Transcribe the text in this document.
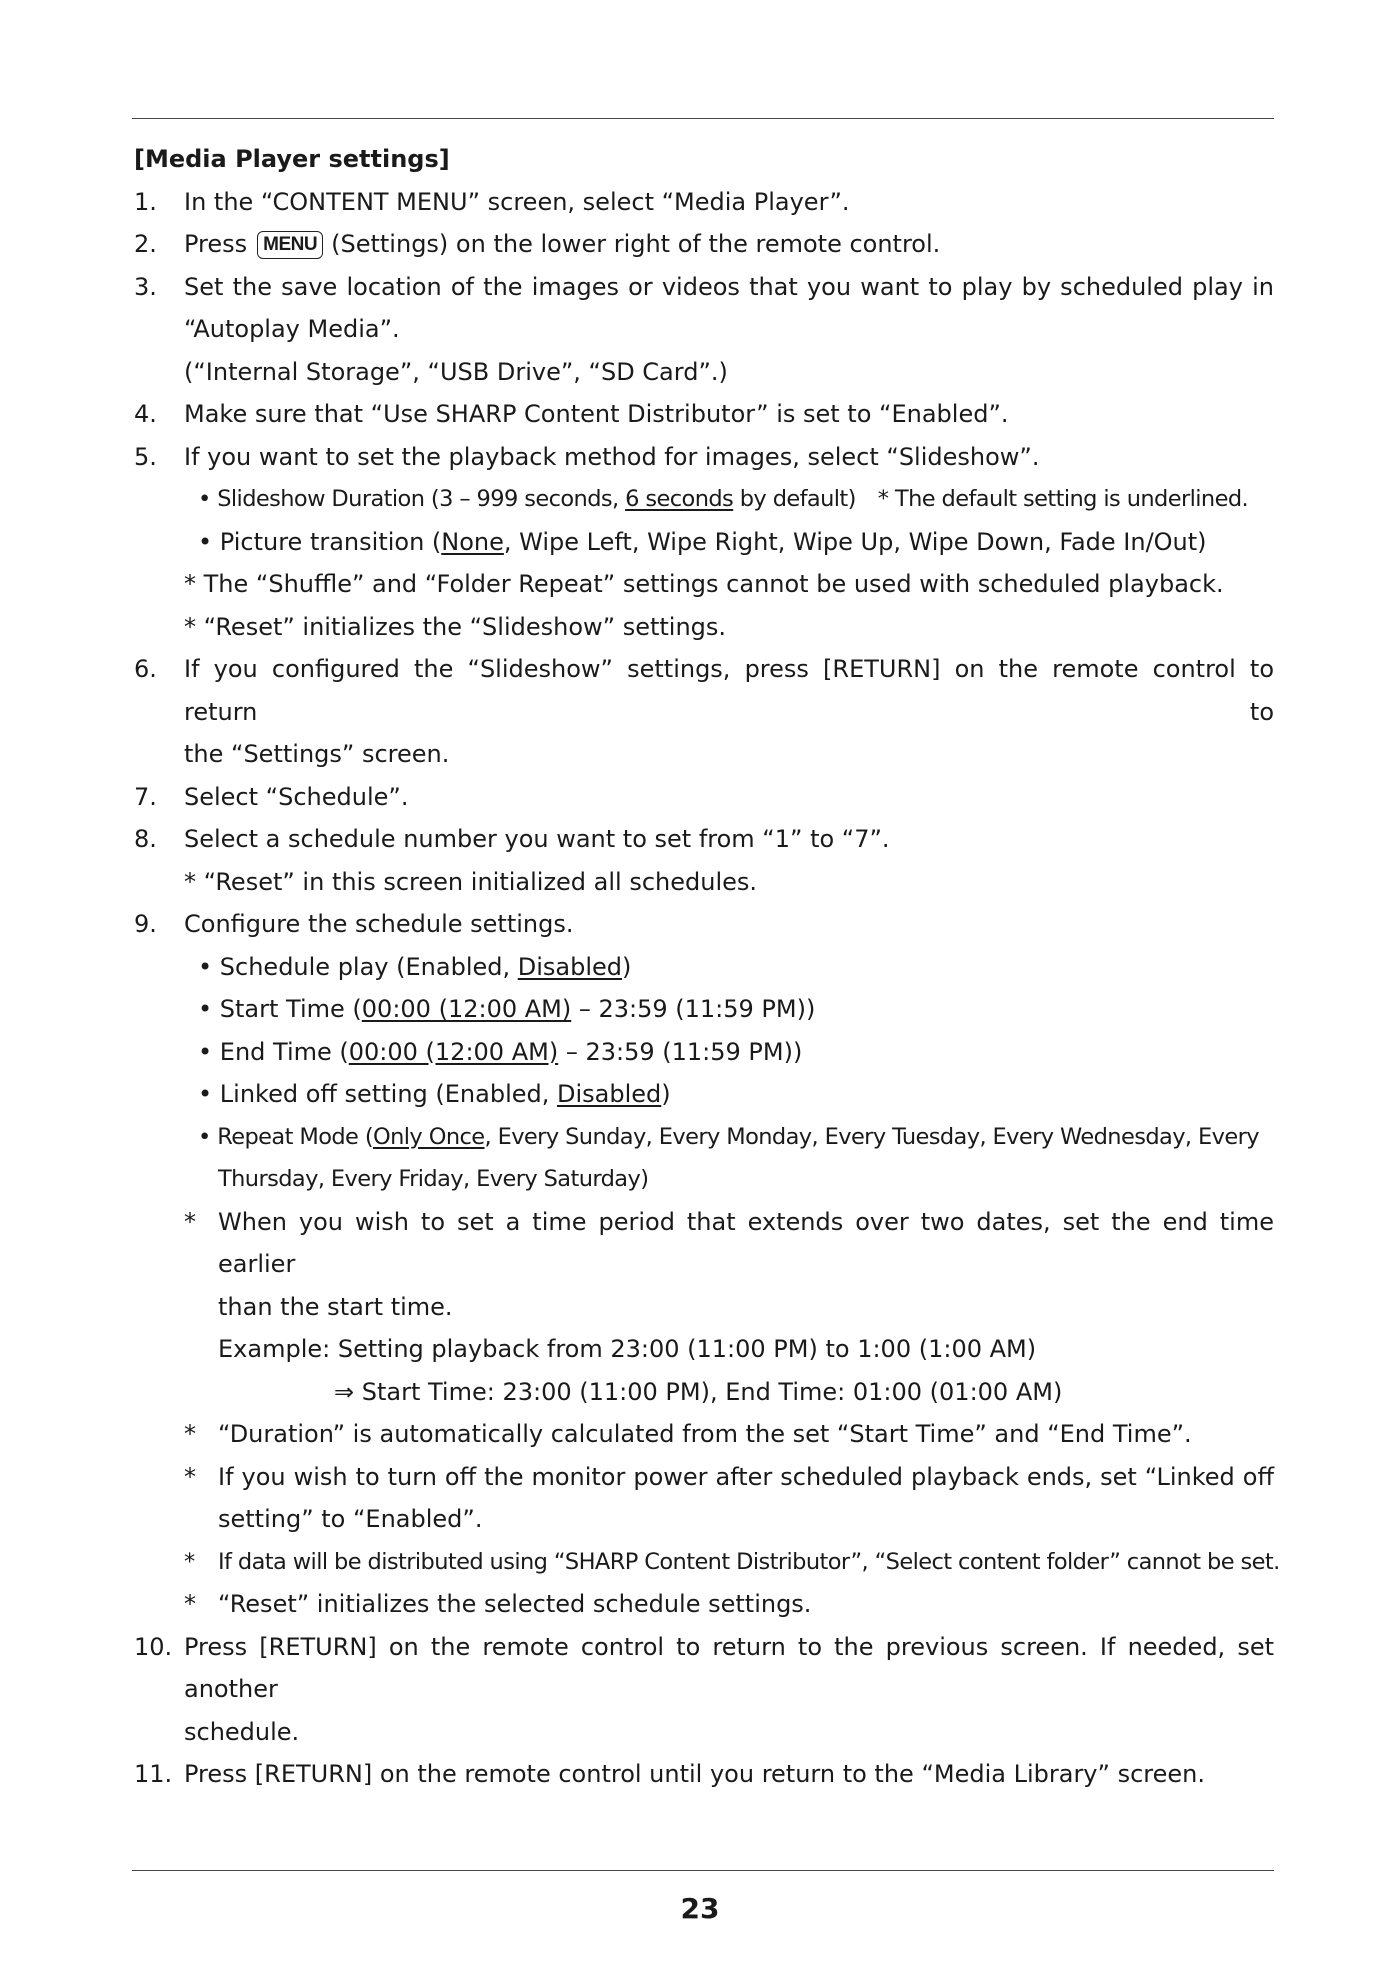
[Media Player settings]
1.	In the “CONTENT MENU” screen, select “Media Player”.
2.	Press MENU (Settings) on the lower right of the remote control.
3.	Set the save location of the images or videos that you want to play by scheduled play in
“Autoplay Media”.
(“Internal Storage”, “USB Drive”, “SD Card”.)
4.	Make sure that “Use SHARP Content Distributor” is set to “Enabled”.
5.	If you want to set the playback method for images, select “Slideshow”.
• Slideshow Duration (3 – 999 seconds, 6 seconds by default) * The default setting is underlined.
• Picture transition (None, Wipe Left, Wipe Right, Wipe Up, Wipe Down, Fade In/Out)
* The “Shuffle” and “Folder Repeat” settings cannot be used with scheduled playback.
* “Reset” initializes the “Slideshow” settings.
6.	If you configured the “Slideshow” settings, press [RETURN] on the remote control to return to
the “Settings” screen.
7.	Select “Schedule”.
8.	Select a schedule number you want to set from “1” to “7”.
* “Reset” in this screen initialized all schedules.
9.	Configure the schedule settings.
• Schedule play (Enabled, Disabled)
• Start Time (00:00 (12:00 AM) – 23:59 (11:59 PM))
• End Time (00:00 (12:00 AM) – 23:59 (11:59 PM))
• Linked off setting (Enabled, Disabled)
• Repeat Mode (Only Once, Every Sunday, Every Monday, Every Tuesday, Every Wednesday, Every
Thursday, Every Friday, Every Saturday)
* When you wish to set a time period that extends over two dates, set the end time earlier
than the start time.
Example: Setting playback from 23:00 (11:00 PM) to 1:00 (1:00 AM)
⇒ Start Time: 23:00 (11:00 PM), End Time: 01:00 (01:00 AM)
* “Duration” is automatically calculated from the set “Start Time” and “End Time”.
* If you wish to turn off the monitor power after scheduled playback ends, set “Linked off
setting” to “Enabled”.
* If data will be distributed using “SHARP Content Distributor”, “Select content folder” cannot be set.
* “Reset” initializes the selected schedule settings.
10. Press [RETURN] on the remote control to return to the previous screen. If needed, set another
schedule.
11. Press [RETURN] on the remote control until you return to the “Media Library” screen.
23
